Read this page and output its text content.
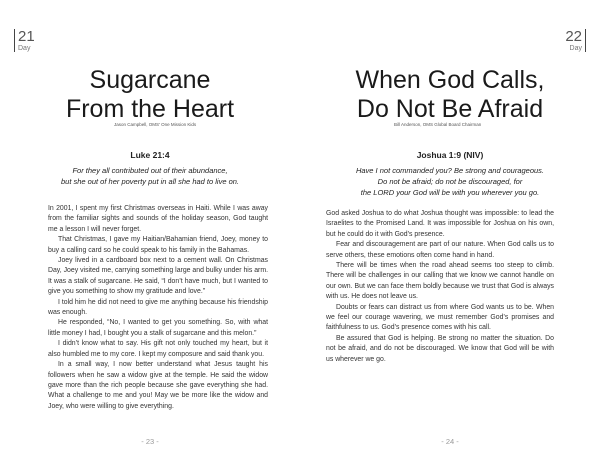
21
Day
Sugarcane
From the Heart
Jason Campbell, OMS' One Mission Kids
Luke 21:4
For they all contributed out of their abundance,
but she out of her poverty put in all she had to live on.

In 2001, I spent my first Christmas overseas in Haiti. While I was away from the familiar sights and sounds of the holiday season, God taught me a lesson I will never forget.

That Christmas, I gave my Haitian/Bahamian friend, Joey, money to buy a calling card so he could speak to his family in the Bahamas.

Joey lived in a cardboard box next to a cement wall. On Christmas Day, Joey visited me, carrying something large and bulky under his arm. It was a stalk of sugarcane. He said, “I don’t have much, but I wanted to give you something to show my gratitude and love.”

I told him he did not need to give me anything because his friendship was enough.

He responded, “No, I wanted to get you something. So, with what little money I had, I bought you a stalk of sugarcane and this melon.”

I didn’t know what to say. His gift not only touched my heart, but it also humbled me to my core. I kept my composure and said thank you.

In a small way, I now better understand what Jesus taught his followers when he saw a widow give at the temple. He said the widow gave more than the rich people because she gave everything she had. What a challenge to me and you! May we be more like the widow and Joey, who were willing to give everything.

- 23 -
22
Day
When God Calls,
Do Not Be Afraid
Bill Anderson, OMS Global Board Chairman
Joshua 1:9 (NIV)
Have I not commanded you? Be strong and courageous.
Do not be afraid; do not be discouraged, for
the LORD your God will be with you wherever you go.

God asked Joshua to do what Joshua thought was impossible: to lead the Israelites to the Promised Land. It was impossible for Joshua on his own, but he could do it with God’s presence.

Fear and discouragement are part of our nature. When God calls us to serve others, these emotions often come hand in hand.

There will be times when the road ahead seems too steep to climb. There will be challenges in our calling that we know we cannot handle on our own. But we can face them boldly because we trust that God is always with us. He does not leave us.

Doubts or fears can distract us from where God wants us to be. When we feel our courage wavering, we must remember God’s promises and faithfulness to us. God’s presence comes with his call.

Be assured that God is helping. Be strong no matter the situation. Do not be afraid, and do not be discouraged. We know that God will be with us wherever we go.

- 24 -
